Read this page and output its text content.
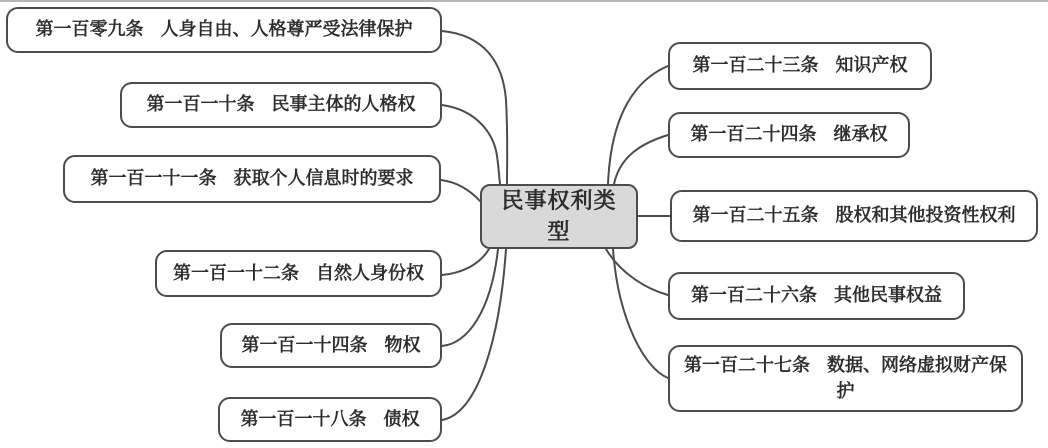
民事权利类型
第一百零九条 人身自由、人格尊严受法律保护
第一百一十条 民事主体的人格权
第一百一十一条 获取个人信息时的要求
第一百一十二条 自然人身份权
第一百一十四条 物权
第一百一十八条 债权
第一百二十三条 知识产权
第一百二十四条 继承权
第一百二十五条 股权和其他投资性权利
第一百二十六条 其他民事权益
第一百二十七条 数据、网络虚拟财产保护
